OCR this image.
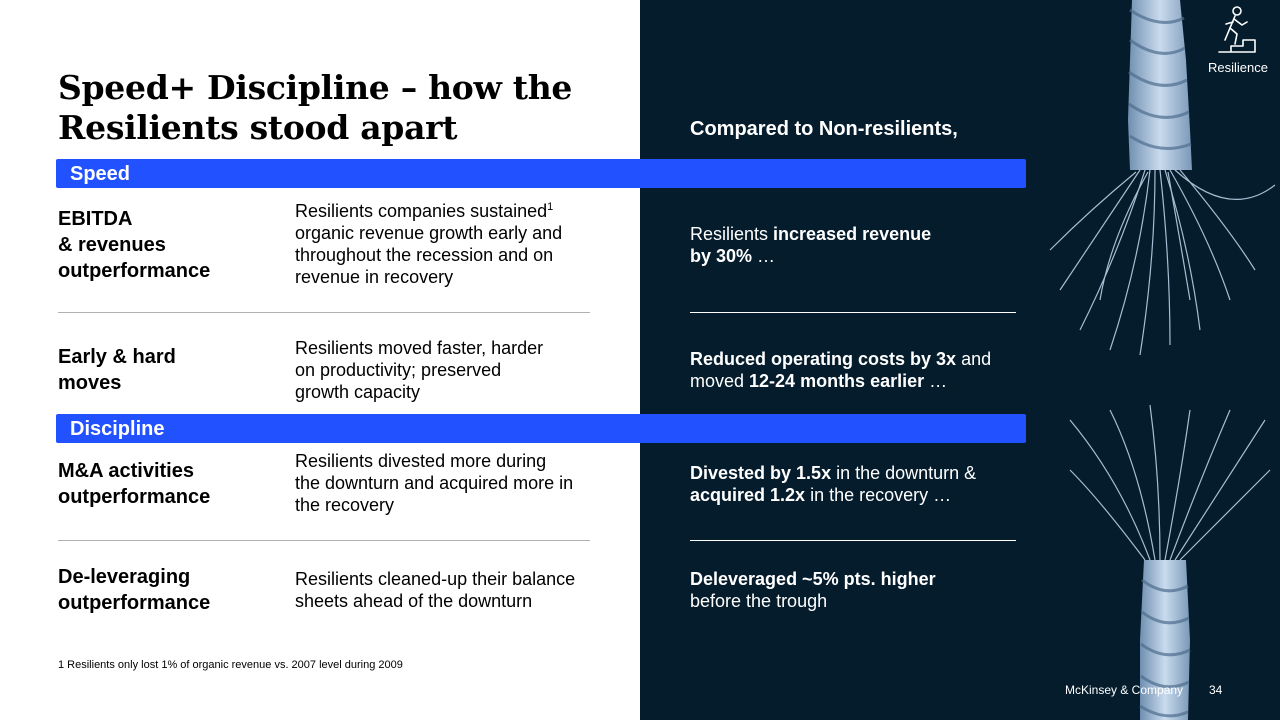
Resilience
Speed+ Discipline – how the Resilients stood apart	Compared to Non-resilients,
Speed
EBITDA
& revenues
outperformance
Resilients companies sustained$^1$ organic revenue growth early and throughout the recession and on revenue in recovery
Resilients increased revenue by 30% …
Early & hard
moves
Resilients moved faster, harder on productivity; preserved growth capacity
Reduced operating costs by 3x and moved 12-24 months earlier …
Discipline
M&A activities
outperformance
Resilients divested more during the downturn and acquired more in the recovery
Divested by 1.5x in the downturn & acquired 1.2x in the recovery …
De-leveraging
outperformance
Resilients cleaned-up their balance sheets ahead of the downturn
Deleveraged ~5% pts. higher before the trough
1 Resilients only lost 1% of organic revenue vs. 2007 level during 2009
McKinsey & Company 34
